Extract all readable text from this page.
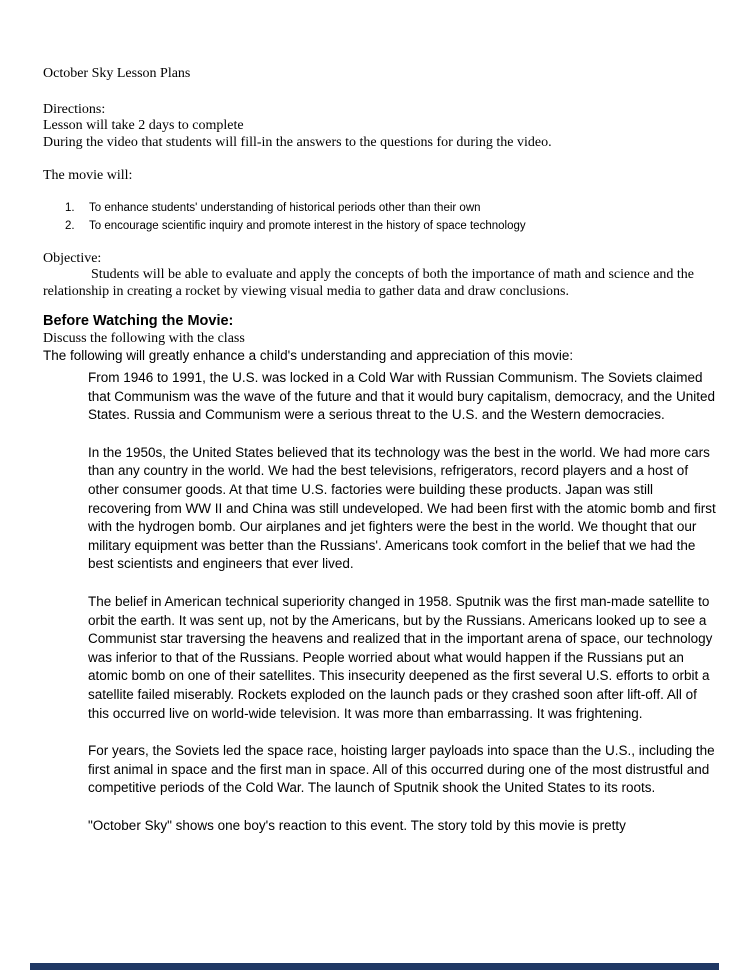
October Sky Lesson Plans
Directions:
Lesson will take 2 days to complete
During the video that students will fill-in the answers to the questions for during the video.
The movie will:
1.	To enhance students' understanding of historical periods other than their own
2.	To encourage scientific inquiry and promote interest in the history of space technology
Objective:
Students will be able to evaluate and apply the concepts of both the importance of math and science and the relationship in creating a rocket by viewing visual media to gather data and draw conclusions.
Before Watching the Movie:
Discuss the following with the class
The following will greatly enhance a child's understanding and appreciation of this movie:
From 1946 to 1991, the U.S. was locked in a Cold War with Russian Communism. The Soviets claimed that Communism was the wave of the future and that it would bury capitalism, democracy, and the United States. Russia and Communism were a serious threat to the U.S. and the Western democracies.
In the 1950s, the United States believed that its technology was the best in the world. We had more cars than any country in the world. We had the best televisions, refrigerators, record players and a host of other consumer goods. At that time U.S. factories were building these products. Japan was still recovering from WW II and China was still undeveloped. We had been first with the atomic bomb and first with the hydrogen bomb. Our airplanes and jet fighters were the best in the world. We thought that our military equipment was better than the Russians'. Americans took comfort in the belief that we had the best scientists and engineers that ever lived.
The belief in American technical superiority changed in 1958. Sputnik was the first man-made satellite to orbit the earth. It was sent up, not by the Americans, but by the Russians. Americans looked up to see a Communist star traversing the heavens and realized that in the important arena of space, our technology was inferior to that of the Russians. People worried about what would happen if the Russians put an atomic bomb on one of their satellites. This insecurity deepened as the first several U.S. efforts to orbit a satellite failed miserably. Rockets exploded on the launch pads or they crashed soon after lift-off. All of this occurred live on world-wide television. It was more than embarrassing. It was frightening.
For years, the Soviets led the space race, hoisting larger payloads into space than the U.S., including the first animal in space and the first man in space. All of this occurred during one of the most distrustful and competitive periods of the Cold War. The launch of Sputnik shook the United States to its roots.
"October Sky" shows one boy's reaction to this event. The story told by this movie is pretty
